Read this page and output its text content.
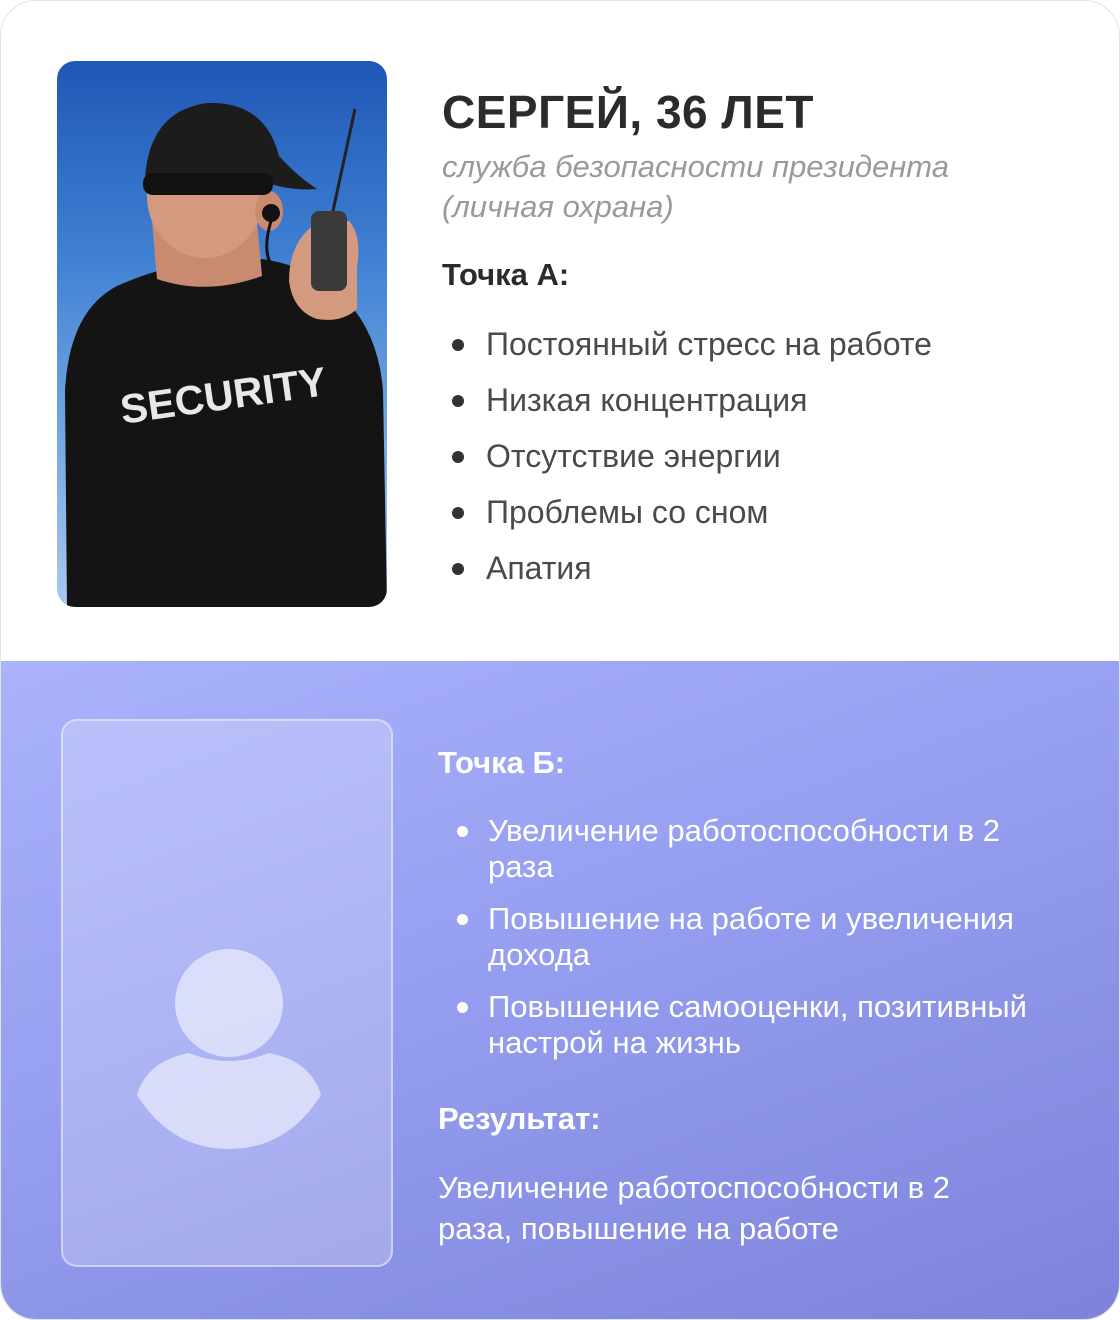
SECURITY
СЕРГЕЙ, 36 ЛЕТ

служба безопасности президента (личная охрана)

Точка А:
Постоянный стресс на работе
Низкая концентрация
Отсутствие энергии
Проблемы со сном
Апатия
Точка Б:
Увеличение работоспособности в 2 раза
Повышение на работе и увеличения дохода
Повышение самооценки, позитивный настрой на жизнь
Результат:

Увеличение работоспособности в 2 раза, повышение на работе
